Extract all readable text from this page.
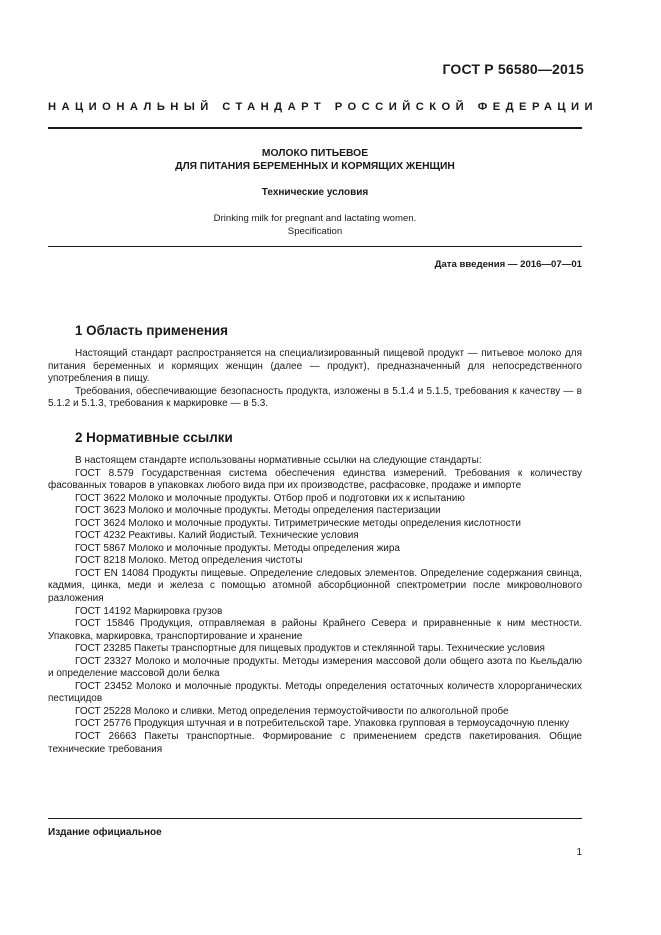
ГОСТ Р 56580—2015
НАЦИОНАЛЬНЫЙ СТАНДАРТ РОССИЙСКОЙ ФЕДЕРАЦИИ
МОЛОКО ПИТЬЕВОЕ
ДЛЯ ПИТАНИЯ БЕРЕМЕННЫХ И КОРМЯЩИХ ЖЕНЩИН
Технические условия
Drinking milk for pregnant and lactating women.
Specification
Дата введения — 2016—07—01
1 Область применения

Настоящий стандарт распространяется на специализированный пищевой продукт — питьевое молоко для питания беременных и кормящих женщин (далее — продукт), предназначенный для непосредственного употребления в пищу.

Требования, обеспечивающие безопасность продукта, изложены в 5.1.4 и 5.1.5, требования к качеству — в 5.1.2 и 5.1.3, требования к маркировке — в 5.3.

2 Нормативные ссылки

В настоящем стандарте использованы нормативные ссылки на следующие стандарты:

ГОСТ 8.579 Государственная система обеспечения единства измерений. Требования к количеству фасованных товаров в упаковках любого вида при их производстве, расфасовке, продаже и импорте

ГОСТ 3622 Молоко и молочные продукты. Отбор проб и подготовки их к испытанию

ГОСТ 3623 Молоко и молочные продукты. Методы определения пастеризации

ГОСТ 3624 Молоко и молочные продукты. Титриметрические методы определения кислотности

ГОСТ 4232 Реактивы. Калий йодистый. Технические условия

ГОСТ 5867 Молоко и молочные продукты. Методы определения жира

ГОСТ 8218 Молоко. Метод определения чистоты

ГОСТ EN 14084 Продукты пищевые. Определение следовых элементов. Определение содержания свинца, кадмия, цинка, меди и железа с помощью атомной абсорбционной спектрометрии после микроволнового разложения

ГОСТ 14192 Маркировка грузов

ГОСТ 15846 Продукция, отправляемая в районы Крайнего Севера и приравненные к ним местности. Упаковка, маркировка, транспортирование и хранение

ГОСТ 23285 Пакеты транспортные для пищевых продуктов и стеклянной тары. Технические условия

ГОСТ 23327 Молоко и молочные продукты. Методы измерения массовой доли общего азота по Кьельдалю и определение массовой доли белка

ГОСТ 23452 Молоко и молочные продукты. Методы определения остаточных количеств хлорорганических пестицидов

ГОСТ 25228 Молоко и сливки. Метод определения термоустойчивости по алкогольной пробе

ГОСТ 25776 Продукция штучная и в потребительской таре. Упаковка групповая в термоусадочную пленку

ГОСТ 26663 Пакеты транспортные. Формирование с применением средств пакетирования. Общие технические требования

Издание официальное
1
